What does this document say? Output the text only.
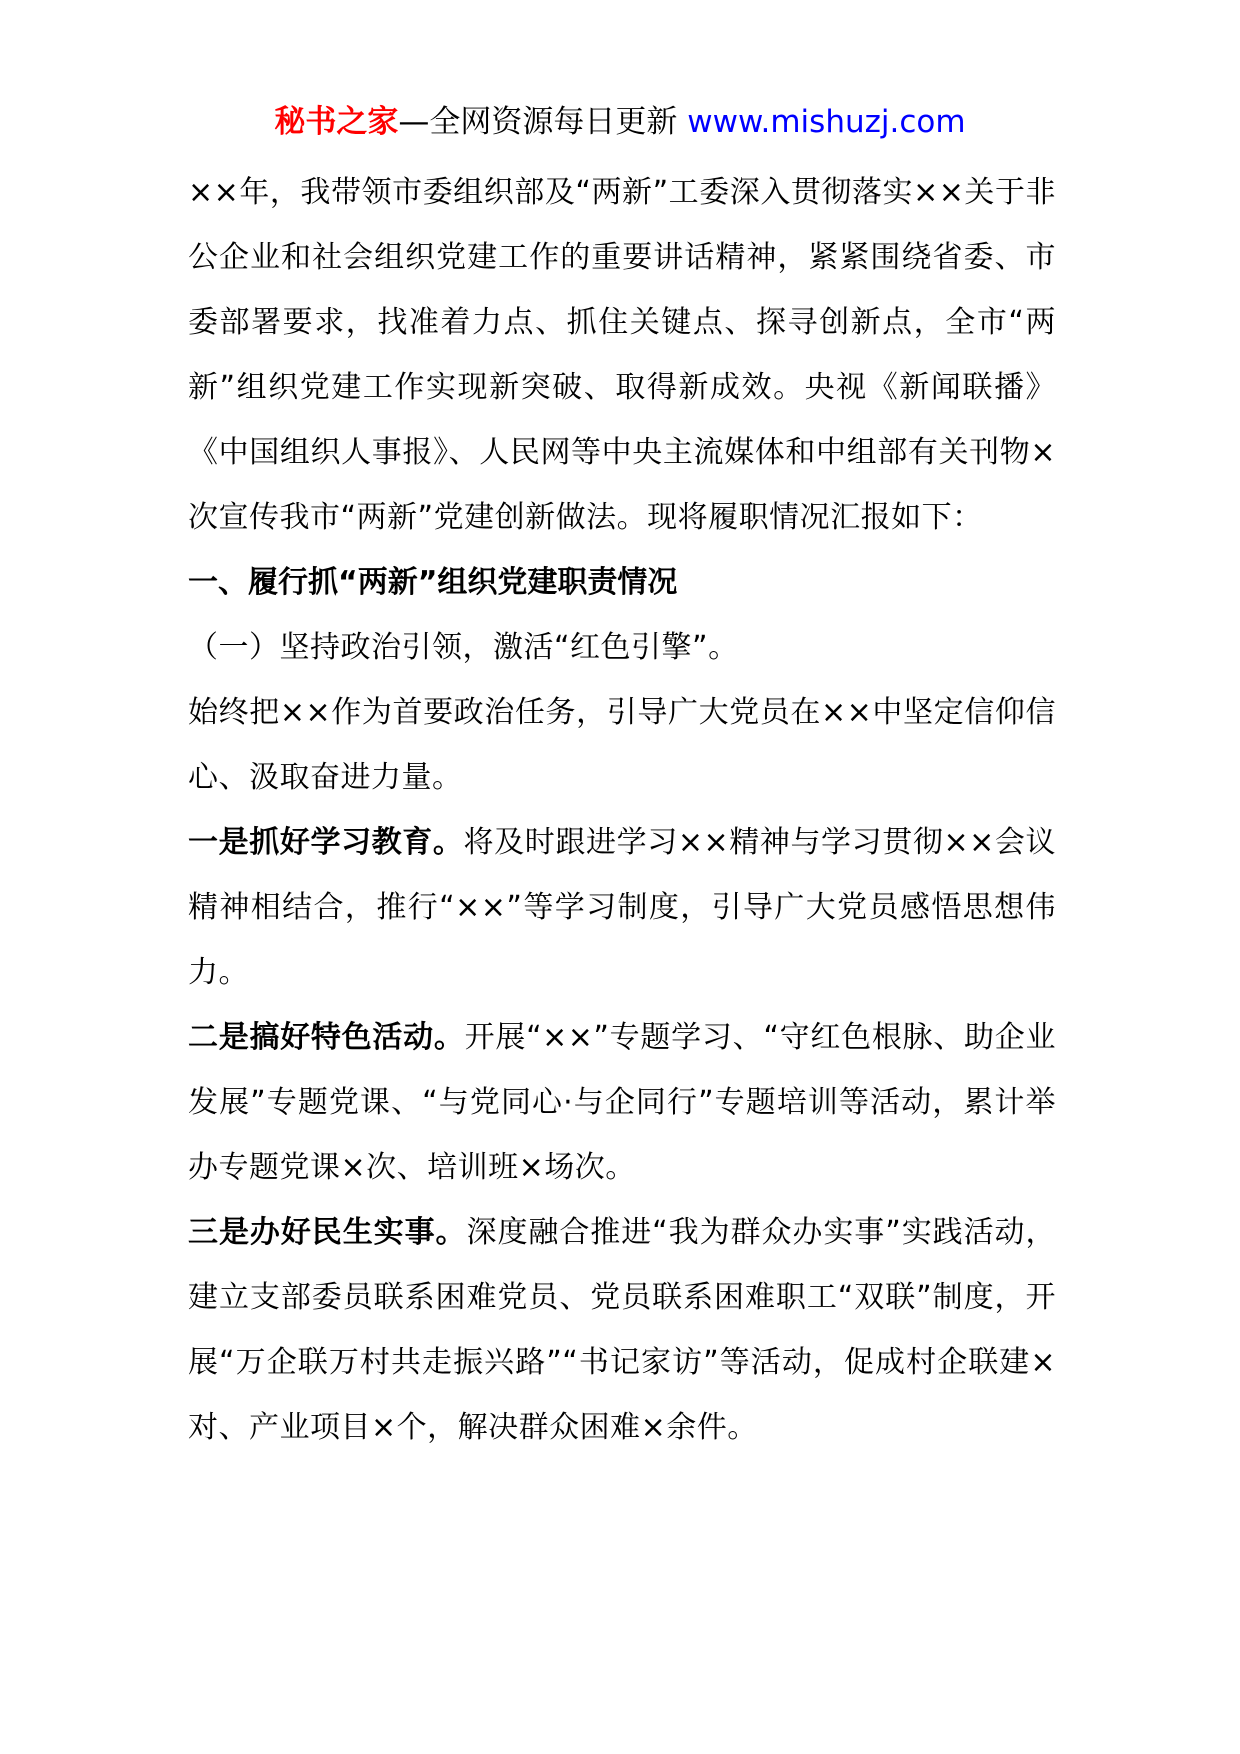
秘书之家—全网资源每日更新 www.mishuzj.com

××年，我带领市委组织部及“两新”工委深入贯彻落实××关于非公企业和社会组织党建工作的重要讲话精神，紧紧围绕省委、市委部署要求，找准着力点、抓住关键点、探寻创新点，全市“两新”组织党建工作实现新突破、取得新成效。央视《新闻联播》《中国组织人事报》、人民网等中央主流媒体和中组部有关刊物×次宣传我市“两新”党建创新做法。现将履职情况汇报如下：

一、履行抓“两新”组织党建职责情况

（一）坚持政治引领，激活“红色引擎”。

始终把××作为首要政治任务，引导广大党员在××中坚定信仰信心、汲取奋进力量。

一是抓好学习教育。将及时跟进学习××精神与学习贯彻××会议精神相结合，推行“××”等学习制度，引导广大党员感悟思想伟力。

二是搞好特色活动。开展“××”专题学习、“守红色根脉、助企业发展”专题党课、“与党同心·与企同行”专题培训等活动，累计举办专题党课×次、培训班×场次。

三是办好民生实事。深度融合推进“我为群众办实事”实践活动，建立支部委员联系困难党员、党员联系困难职工“双联”制度，开展“万企联万村共走振兴路”“书记家访”等活动，促成村企联建×对、产业项目×个，解决群众困难×余件。
